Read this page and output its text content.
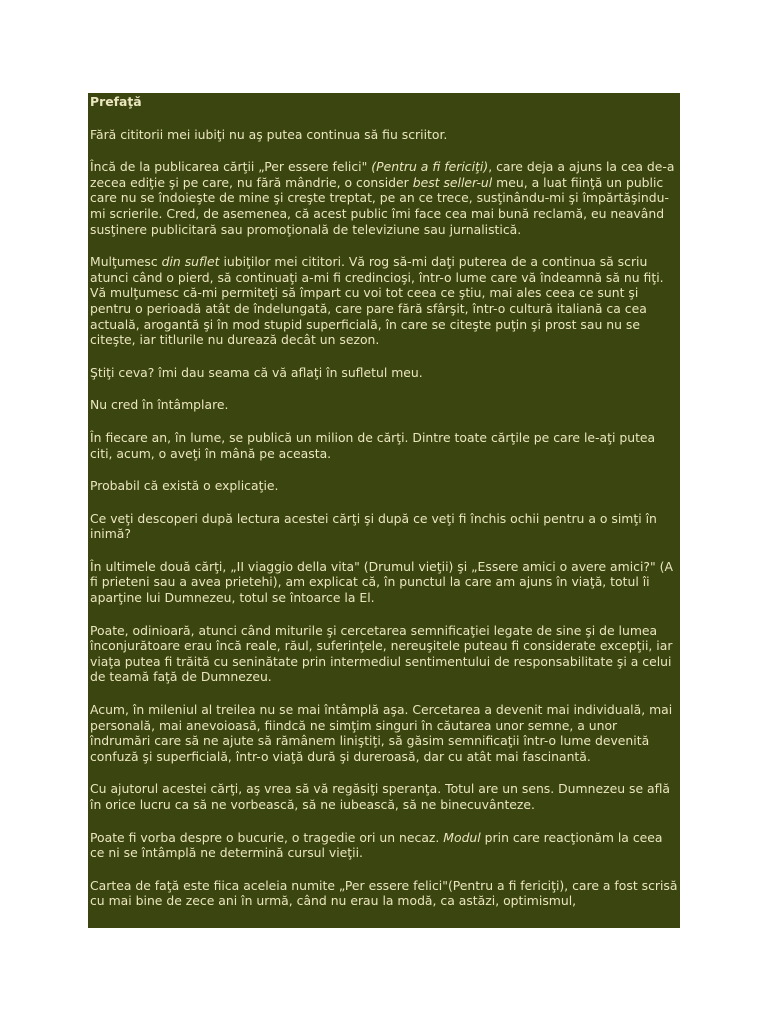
Prefaţă

Fără cititorii mei iubiţi nu aş putea continua să fiu scriitor.

Încă de la publicarea cărţii „Per essere felici" (Pentru a fi fericiţi), care deja a ajuns la cea de-a zecea ediţie şi pe care, nu fără mândrie, o consider best seller-ul meu, a luat fiinţă un public care nu se îndoieşte de mine şi creşte treptat, pe an ce trece, susţinându-mi şi împărtăşindu-mi scrierile. Cred, de asemenea, că acest public îmi face cea mai bună reclamă, eu neavând susţinere publicitară sau promoţională de televiziune sau jurnalistică.

Mulţumesc din suflet iubiţilor mei cititori. Vă rog să-mi daţi puterea de a continua să scriu atunci când o pierd, să continuaţi a-mi fi credincioşi, într-o lume care vă îndeamnă să nu fiţi. Vă mulţumesc că-mi permiteţi să împart cu voi tot ceea ce ştiu, mai ales ceea ce sunt şi pentru o perioadă atât de îndelungată, care pare fără sfârşit, într-o cultură italiană ca cea actuală, arogantă şi în mod stupid superficială, în care se citeşte puţin şi prost sau nu se citeşte, iar titlurile nu durează decât un sezon.

Ştiţi ceva? îmi dau seama că vă aflaţi în sufletul meu.

Nu cred în întâmplare.

În fiecare an, în lume, se publică un milion de cărţi. Dintre toate cărţile pe care le-aţi putea citi, acum, o aveţi în mână pe aceasta.

Probabil că există o explicaţie.

Ce veţi descoperi după lectura acestei cărţi şi după ce veţi fi închis ochii pentru a o simţi în inimă?

În ultimele două cărţi, „II viaggio della vita" (Drumul vieţii) şi „Essere amici o avere amici?" (A fi prieteni sau a avea prietehi), am explicat că, în punctul la care am ajuns în viaţă, totul îi aparţine lui Dumnezeu, totul se întoarce la El.

Poate, odinioară, atunci când miturile şi cercetarea semnificaţiei legate de sine şi de lumea înconjurătoare erau încă reale, răul, suferinţele, nereuşitele puteau fi considerate excepţii, iar viaţa putea fi trăită cu seninătate prin intermediul sentimentului de responsabilitate şi a celui de teamă faţă de Dumnezeu.

Acum, în mileniul al treilea nu se mai întâmplă aşa. Cercetarea a devenit mai individuală, mai personală, mai anevoioasă, fiindcă ne simţim singuri în căutarea unor semne, a unor îndrumări care să ne ajute să rămânem liniştiţi, să găsim semnificaţii într-o lume devenită confuză şi superficială, într-o viaţă dură şi dureroasă, dar cu atât mai fascinantă.

Cu ajutorul acestei cărţi, aş vrea să vă regăsiţi speranţa. Totul are un sens. Dumnezeu se află în orice lucru ca să ne vorbească, să ne iubească, să ne binecuvânteze.

Poate fi vorba despre o bucurie, o tragedie ori un necaz. Modul prin care reacţionăm la ceea ce ni se întâmplă ne determină cursul vieţii.

Cartea de faţă este fiica aceleia numite „Per essere felici"(Pentru a fi fericiţi), care a fost scrisă cu mai bine de zece ani în urmă, când nu erau la modă, ca astăzi, optimismul,
